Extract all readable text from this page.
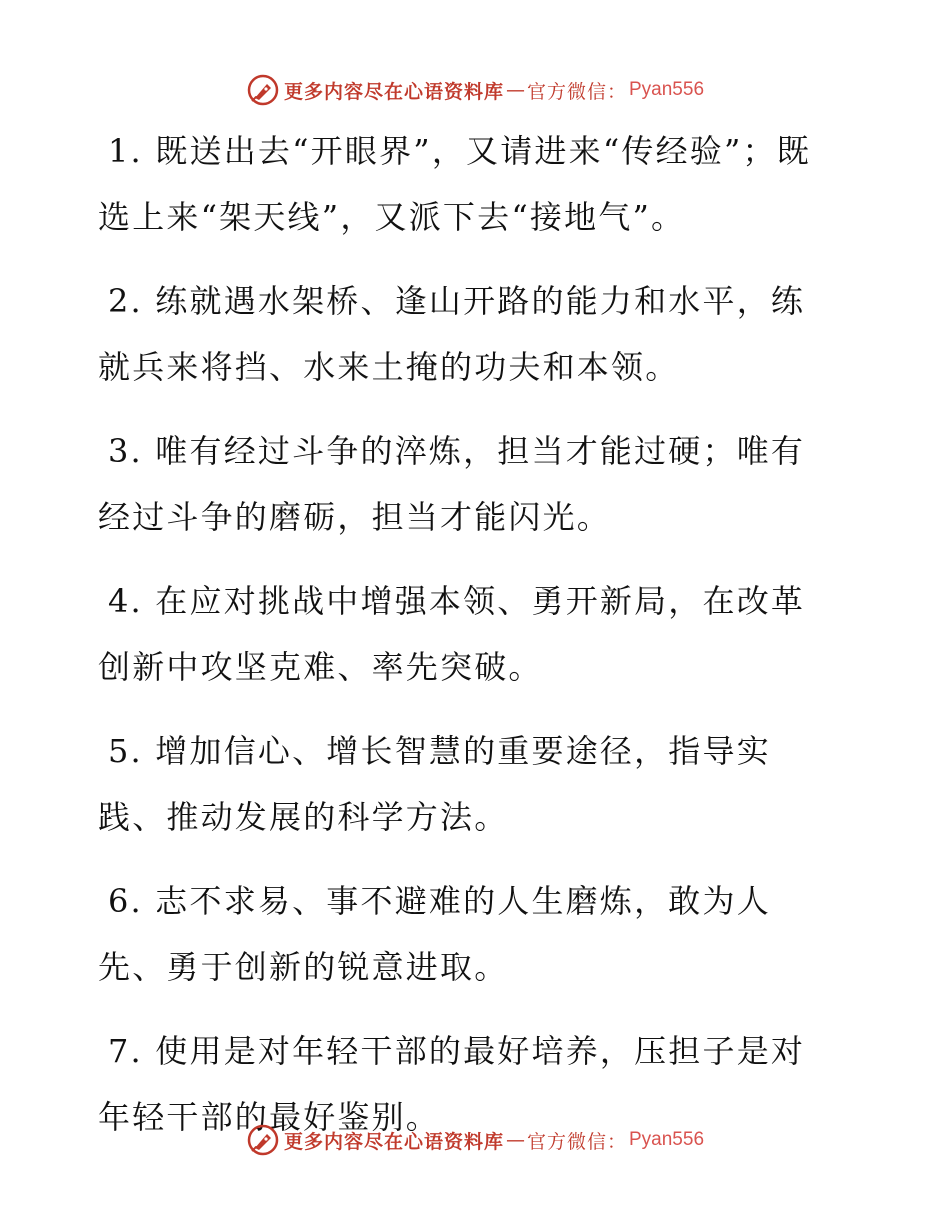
更多内容尽在心语资料库 — 官方微信： Pyan556

1. 既送出去“开眼界”，又请进来“传经验”；既选上来“架天线”，又派下去“接地气”。

2. 练就遇水架桥、逢山开路的能力和水平，练就兵来将挡、水来土掩的功夫和本领。

3. 唯有经过斗争的淬炼，担当才能过硬；唯有经过斗争的磨砺，担当才能闪光。

4. 在应对挑战中增强本领、勇开新局，在改革创新中攻坚克难、率先突破。

5. 增加信心、增长智慧的重要途径，指导实践、推动发展的科学方法。

6. 志不求易、事不避难的人生磨炼，敢为人先、勇于创新的锐意进取。

7. 使用是对年轻干部的最好培养，压担子是对年轻干部的最好鉴别。

更多内容尽在心语资料库 — 官方微信： Pyan556
